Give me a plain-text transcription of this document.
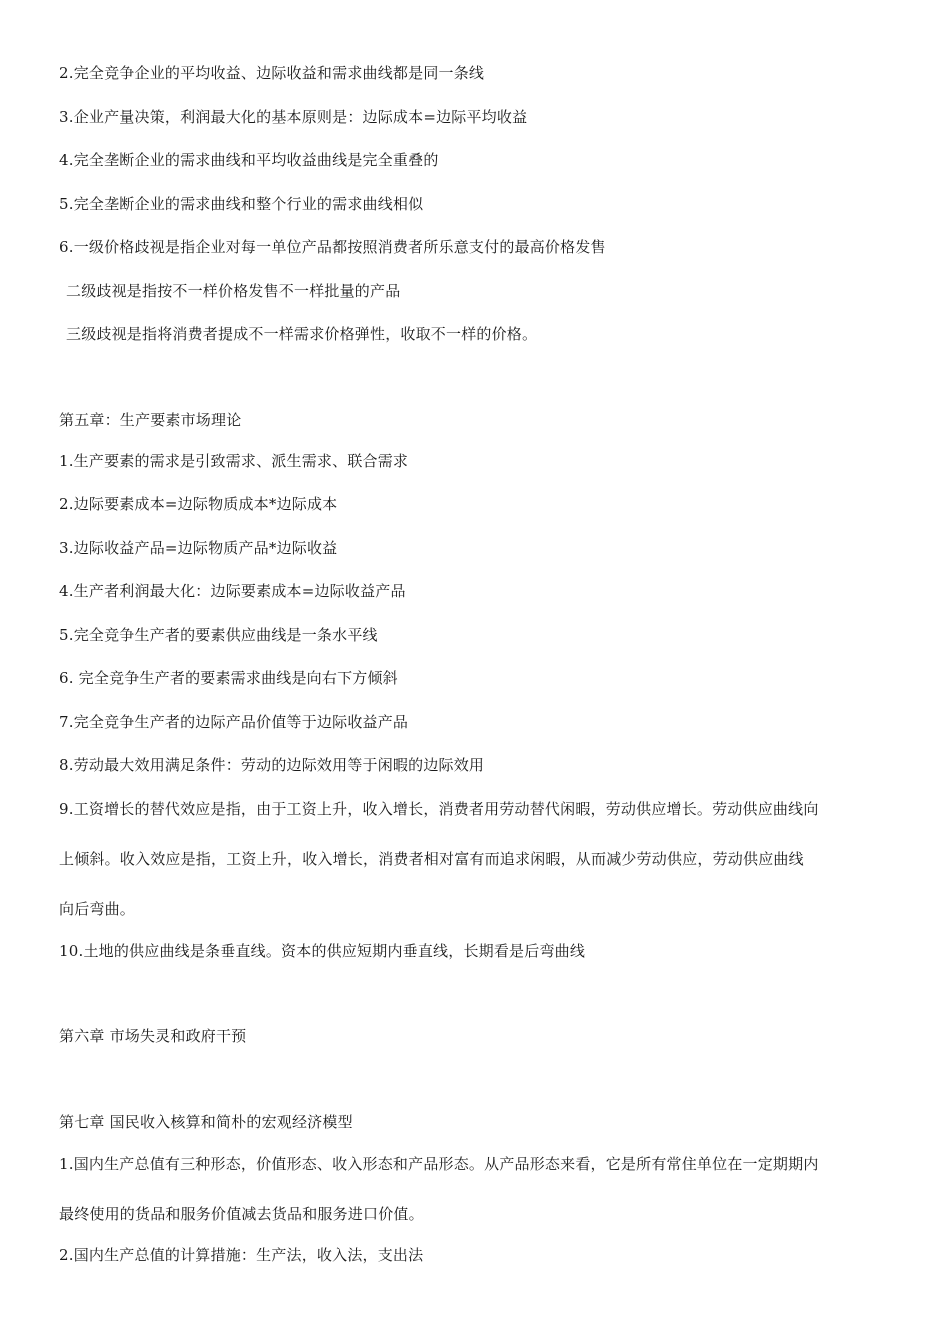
2.完全竞争企业的平均收益、边际收益和需求曲线都是同一条线
3.企业产量决策，利润最大化的基本原则是：边际成本=边际平均收益
4.完全垄断企业的需求曲线和平均收益曲线是完全重叠的
5.完全垄断企业的需求曲线和整个行业的需求曲线相似
6.一级价格歧视是指企业对每一单位产品都按照消费者所乐意支付的最高价格发售
二级歧视是指按不一样价格发售不一样批量的产品
三级歧视是指将消费者提成不一样需求价格弹性，收取不一样的价格。
第五章：生产要素市场理论
1.生产要素的需求是引致需求、派生需求、联合需求
2.边际要素成本=边际物质成本*边际成本
3.边际收益产品=边际物质产品*边际收益
4.生产者利润最大化：边际要素成本=边际收益产品
5.完全竞争生产者的要素供应曲线是一条水平线
6. 完全竞争生产者的要素需求曲线是向右下方倾斜
7.完全竞争生产者的边际产品价值等于边际收益产品
8.劳动最大效用满足条件：劳动的边际效用等于闲暇的边际效用
9.工资增长的替代效应是指，由于工资上升，收入增长，消费者用劳动替代闲暇，劳动供应增长。劳动供应曲线向
上倾斜。收入效应是指，工资上升，收入增长，消费者相对富有而追求闲暇，从而减少劳动供应，劳动供应曲线
向后弯曲。
10.土地的供应曲线是条垂直线。资本的供应短期内垂直线，长期看是后弯曲线
第六章 市场失灵和政府干预
第七章 国民收入核算和简朴的宏观经济模型
1.国内生产总值有三种形态，价值形态、收入形态和产品形态。从产品形态来看，它是所有常住单位在一定期期内
最终使用的货品和服务价值减去货品和服务进口价值。
2.国内生产总值的计算措施：生产法，收入法，支出法
